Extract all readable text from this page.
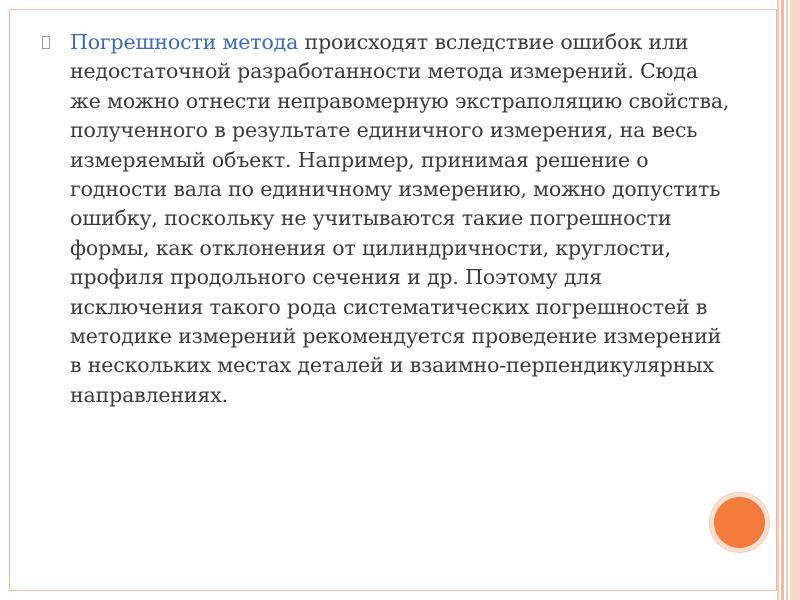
Погрешности метода происходят вследствие ошибок или недостаточной разработанности метода измерений. Сюда же можно отнести неправомерную экстраполяцию свойства, полученного в результате единичного измерения, на весь измеряемый объект. Например, принимая решение о годности вала по единичному измерению, можно допустить ошибку, поскольку не учитываются такие погрешности формы, как отклонения от цилиндричности, круглости, профиля продольного сечения и др. Поэтому для исключения такого рода систематических погрешностей в методике измерений рекомендуется проведение измерений в нескольких местах деталей и взаимно-перпендикулярных направлениях.
